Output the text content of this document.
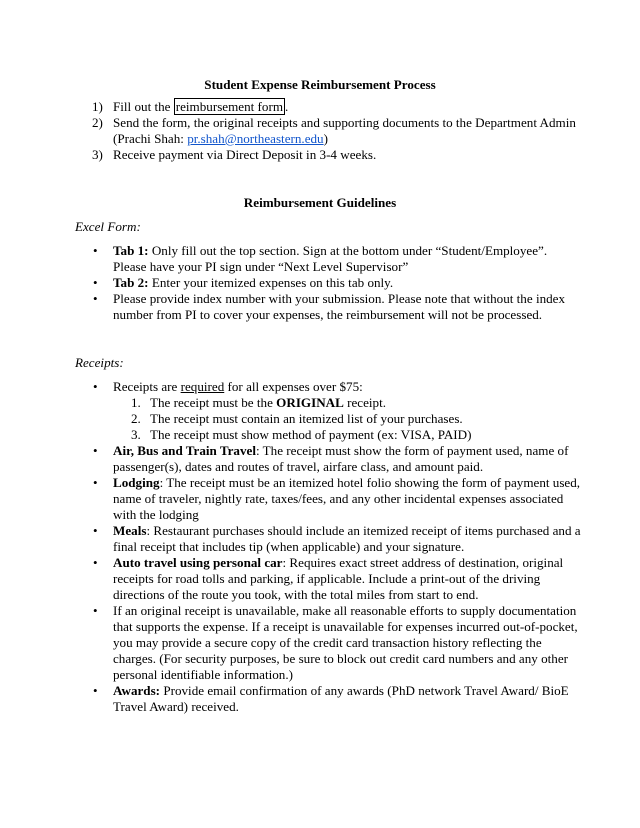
Student Expense Reimbursement Process
1) Fill out the reimbursement form .
2) Send the form, the original receipts and supporting documents to the Department Admin
(Prachi Shah: pr.shah@northeastern.edu)
3) Receive payment via Direct Deposit in 3-4 weeks.
Reimbursement Guidelines
Excel Form:
• Tab 1: Only fill out the top section. Sign at the bottom under “Student/Employee”.
Please have your PI sign under “Next Level Supervisor”
• Tab 2: Enter your itemized expenses on this tab only.
• Please provide index number with your submission. Please note that without the index
number from PI to cover your expenses, the reimbursement will not be processed.
Receipts:
• Receipts are required for all expenses over $75:
1. The receipt must be the ORIGINAL receipt.
2. The receipt must contain an itemized list of your purchases.
3. The receipt must show method of payment (ex: VISA, PAID)
• Air, Bus and Train Travel: The receipt must show the form of payment used, name of
passenger(s), dates and routes of travel, airfare class, and amount paid.
• Lodging: The receipt must be an itemized hotel folio showing the form of payment used,
name of traveler, nightly rate, taxes/fees, and any other incidental expenses associated
with the lodging
• Meals: Restaurant purchases should include an itemized receipt of items purchased and a
final receipt that includes tip (when applicable) and your signature.
• Auto travel using personal car: Requires exact street address of destination, original
receipts for road tolls and parking, if applicable. Include a print-out of the driving
directions of the route you took, with the total miles from start to end.
• If an original receipt is unavailable, make all reasonable efforts to supply documentation
that supports the expense. If a receipt is unavailable for expenses incurred out-of-pocket,
you may provide a secure copy of the credit card transaction history reflecting the
charges. (For security purposes, be sure to block out credit card numbers and any other
personal identifiable information.)
• Awards: Provide email confirmation of any awards (PhD network Travel Award/ BioE
Travel Award) received.
